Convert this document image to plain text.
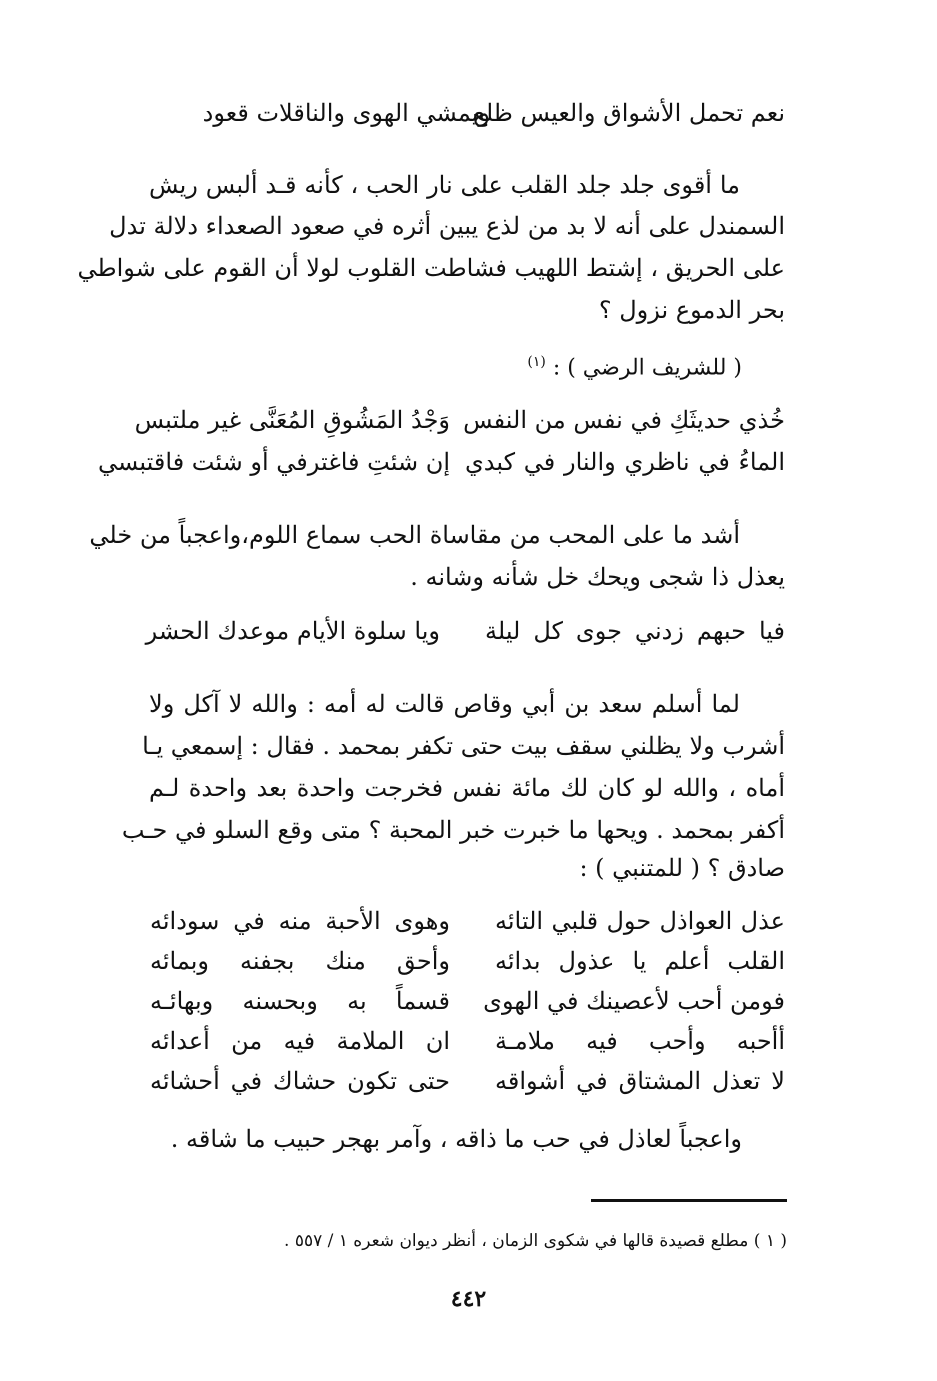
نعم تحمل الأشواق والعيس ظلع
ويمشي الهوى والناقلات قعود
ما أقوى جلد جلد القلب على نار الحب ، كأنه قـد ألبس ريش
السمندل على أنه لا بد من لذع يبين أثره في صعود الصعداء دلالة تدل
على الحريق ، إشتط اللهيب فشاطت القلوب لولا أن القوم على شواطي
بحر الدموع نزول ؟
( للشريف الرضي ) : $^{(١)}$
خُذي حديثَكِ في نفس من النفس
وَجْدُ المَشُوقِ المُعَنَّى غير ملتبس
الماءُ في ناظري والنار في كبدي
إن شئتِ فاغترفي أو شئت فاقتبسي
أشد ما على المحب من مقاساة الحب سماع اللوم،واعجباً من خلي
يعذل ذا شجى ويحك خل شأنه وشانه .
فيا حبهم زدني جوى كل ليلة
ويا سلوة الأيام موعدك الحشر
لما أسلم سعد بن أبي وقاص قالت له أمه : والله لا آكل ولا
أشرب ولا يظلني سقف بيت حتى تكفر بمحمد . فقال : إسمعي يـا
أماه ، والله لو كان لك مائة نفس فخرجت واحدة بعد واحدة لـم
أكفر بمحمد . ويحها ما خبرت خبر المحبة ؟ متى وقع السلو في حـب
صادق ؟ ( للمتنبي ) :
عذل العواذل حول قلبي التائه
وهوى الأحبة منه في سودائه
القلب أعلم يا عذول بدائه
وأحق منك بجفنه وبمائه
فومن أحب لأعصينك في الهوى
قسماً به وبحسنه وبهائـه
أأحبه وأحب فيه ملامـة
ان الملامة فيه من أعدائه
لا تعذل المشتاق في أشواقه
حتى تكون حشاك في أحشائه
واعجباً لعاذل في حب ما ذاقه ، وآمر بهجر حبيب ما شاقه .
( ١ ) مطلع قصيدة قالها في شكوى الزمان ، أنظر ديوان شعره ١ / ٥٥٧ .
٤٤٢
